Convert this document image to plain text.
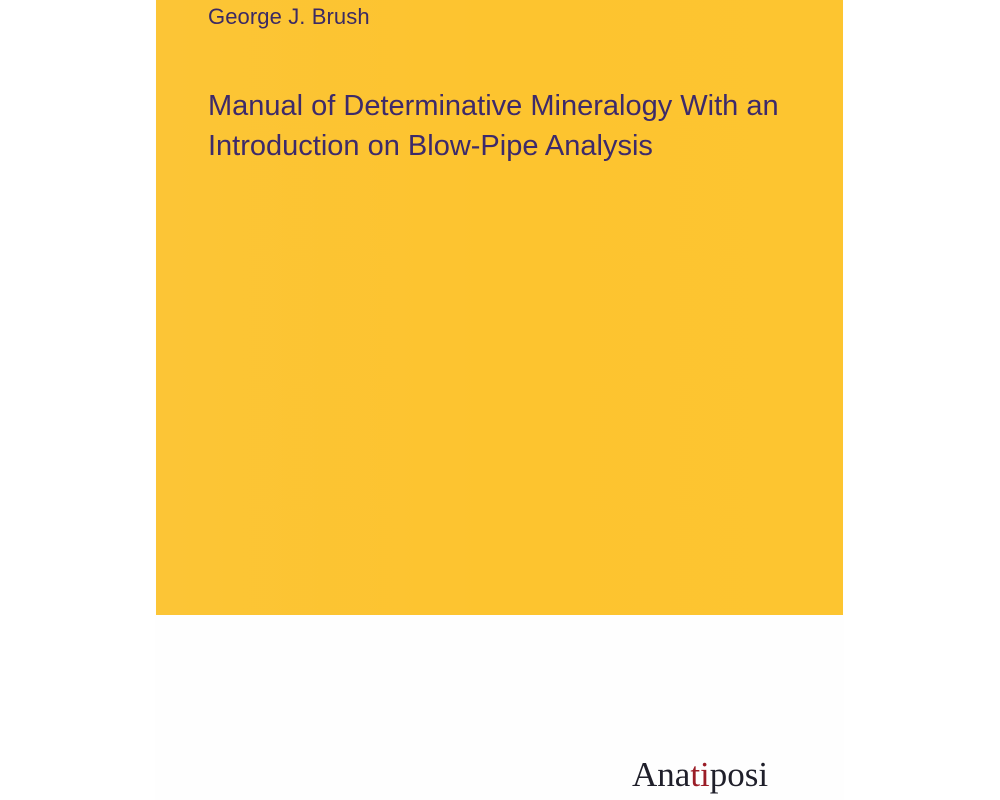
George J. Brush
Manual of Determinative Mineralogy With an
Introduction on Blow-Pipe Analysis
Anatiposi
